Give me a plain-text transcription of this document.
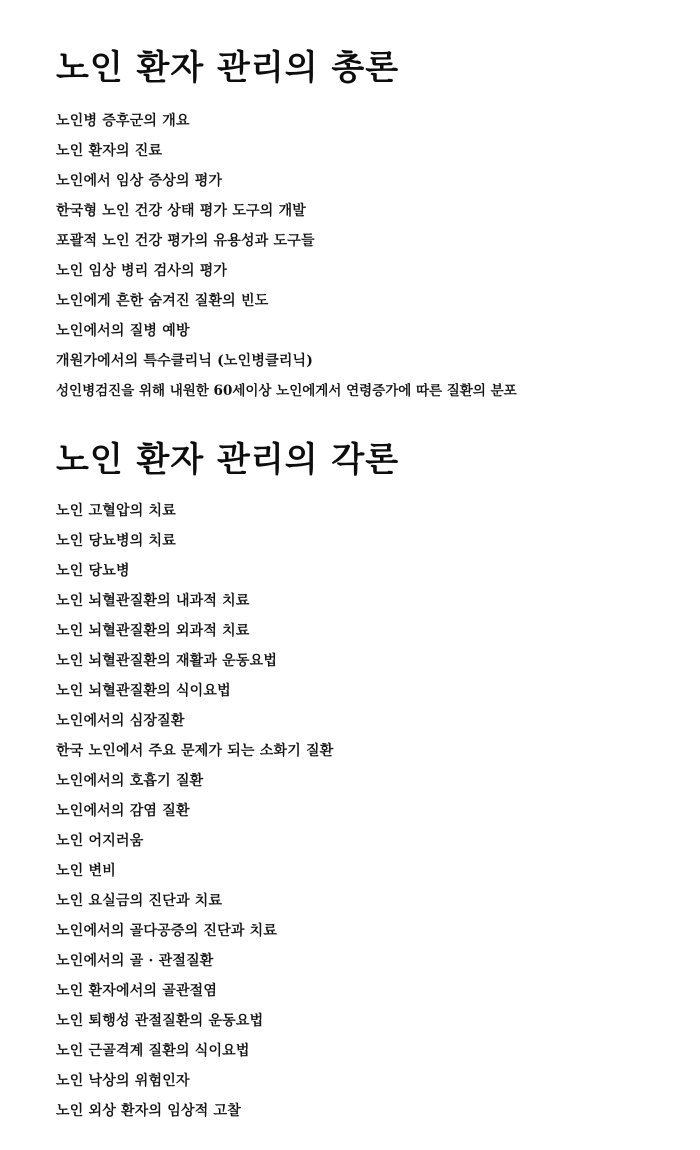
노인 환자 관리의 총론
노인병 증후군의 개요
노인 환자의 진료
노인에서 임상 증상의 평가
한국형 노인 건강 상태 평가 도구의 개발
포괄적 노인 건강 평가의 유용성과 도구들
노인 임상 병리 검사의 평가
노인에게 흔한 숨겨진 질환의 빈도
노인에서의 질병 예방
개원가에서의 특수클리닉 (노인병클리닉)
성인병검진을 위해 내원한 60세이상 노인에게서 연령증가에 따른 질환의 분포
노인 환자 관리의 각론
노인 고혈압의 치료
노인 당뇨병의 치료
노인 당뇨병
노인 뇌혈관질환의 내과적 치료
노인 뇌혈관질환의 외과적 치료
노인 뇌혈관질환의 재활과 운동요법
노인 뇌혈관질환의 식이요법
노인에서의 심장질환
한국 노인에서 주요 문제가 되는 소화기 질환
노인에서의 호흡기 질환
노인에서의 감염 질환
노인 어지러움
노인 변비
노인 요실금의 진단과 치료
노인에서의 골다공증의 진단과 치료
노인에서의 골 · 관절질환
노인 환자에서의 골관절염
노인 퇴행성 관절질환의 운동요법
노인 근골격계 질환의 식이요법
노인 낙상의 위험인자
노인 외상 환자의 임상적 고찰
